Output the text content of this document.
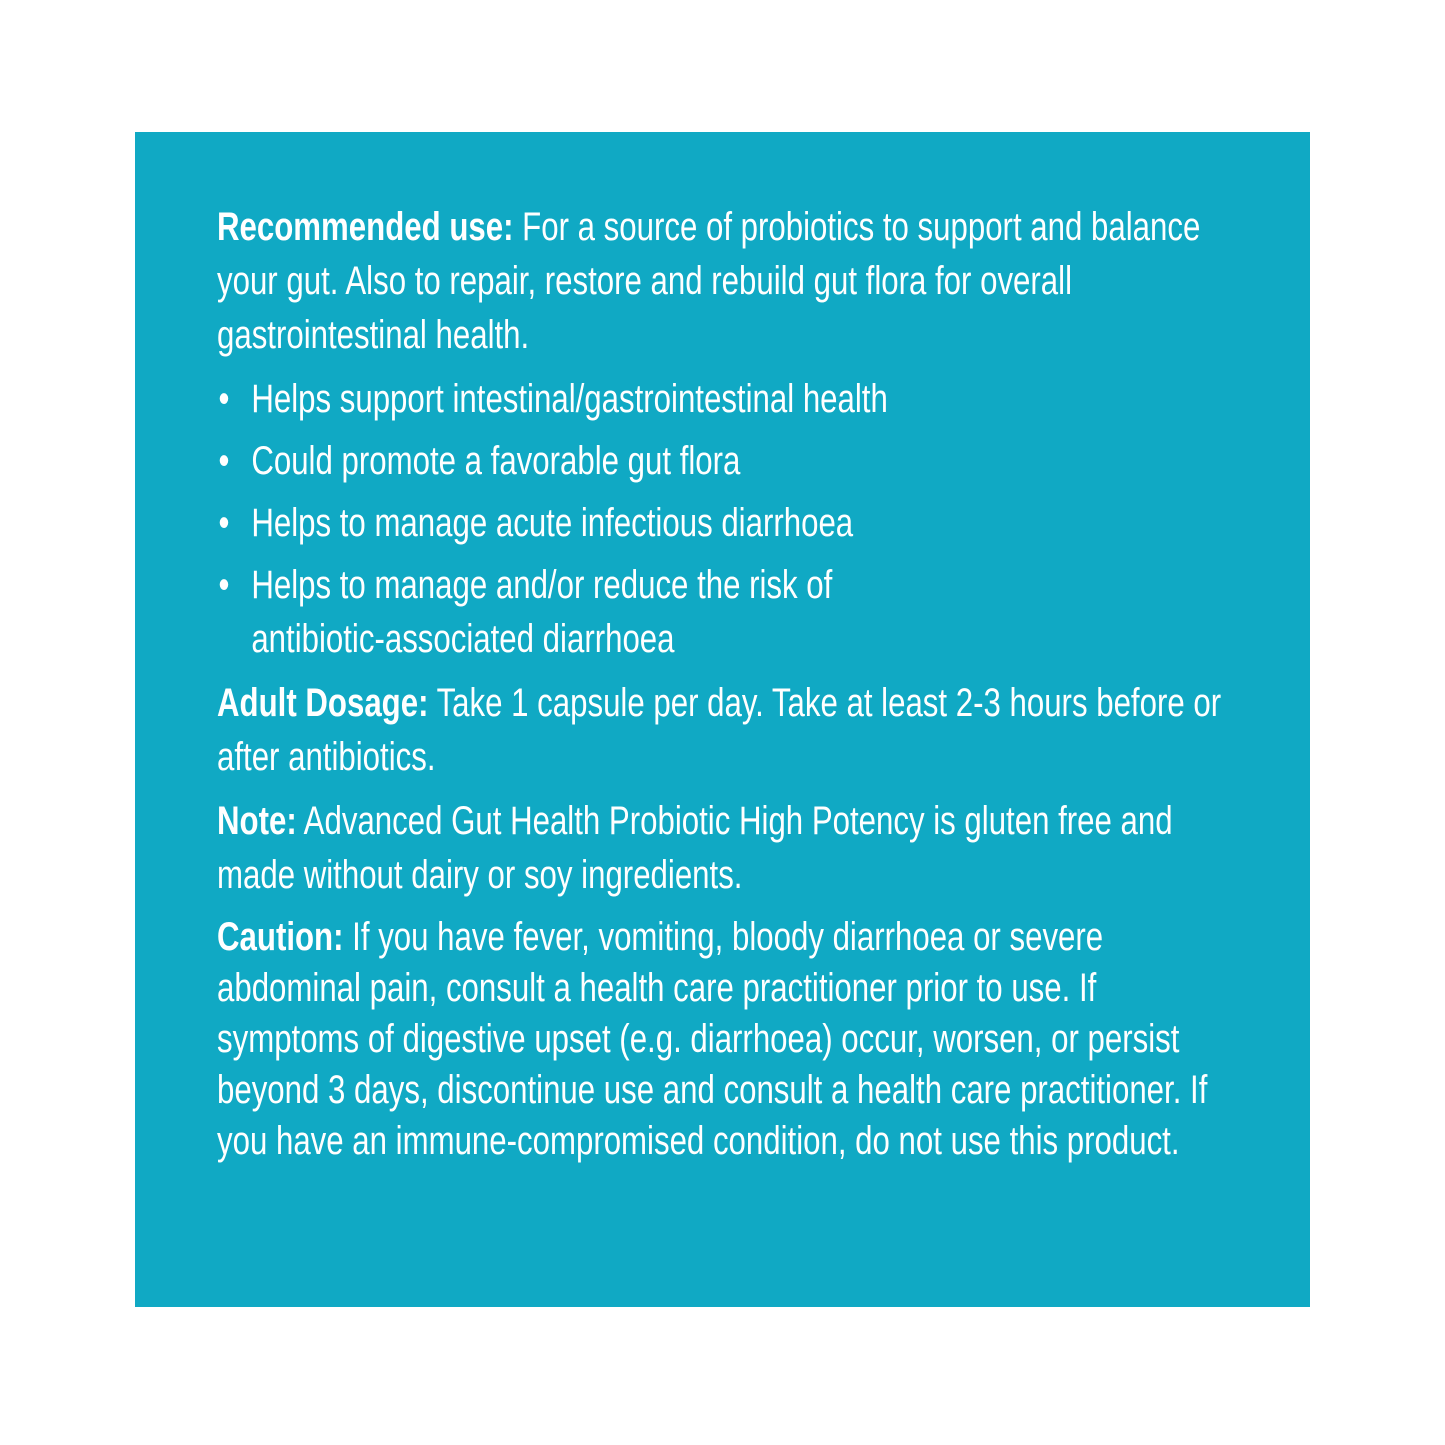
Recommended use: For a source of probiotics to support and balance your gut. Also to repair, restore and rebuild gut flora for overall gastrointestinal health.

• Helps support intestinal/gastrointestinal health
• Could promote a favorable gut flora
• Helps to manage acute infectious diarrhoea
• Helps to manage and/or reduce the risk of antibiotic-associated diarrhoea

Adult Dosage: Take 1 capsule per day. Take at least 2-3 hours before or after antibiotics.

Note: Advanced Gut Health Probiotic High Potency is gluten free and made without dairy or soy ingredients.

Caution: If you have fever, vomiting, bloody diarrhoea or severe abdominal pain, consult a health care practitioner prior to use. If symptoms of digestive upset (e.g. diarrhoea) occur, worsen, or persist beyond 3 days, discontinue use and consult a health care practitioner. If you have an immune-compromised condition, do not use this product.
